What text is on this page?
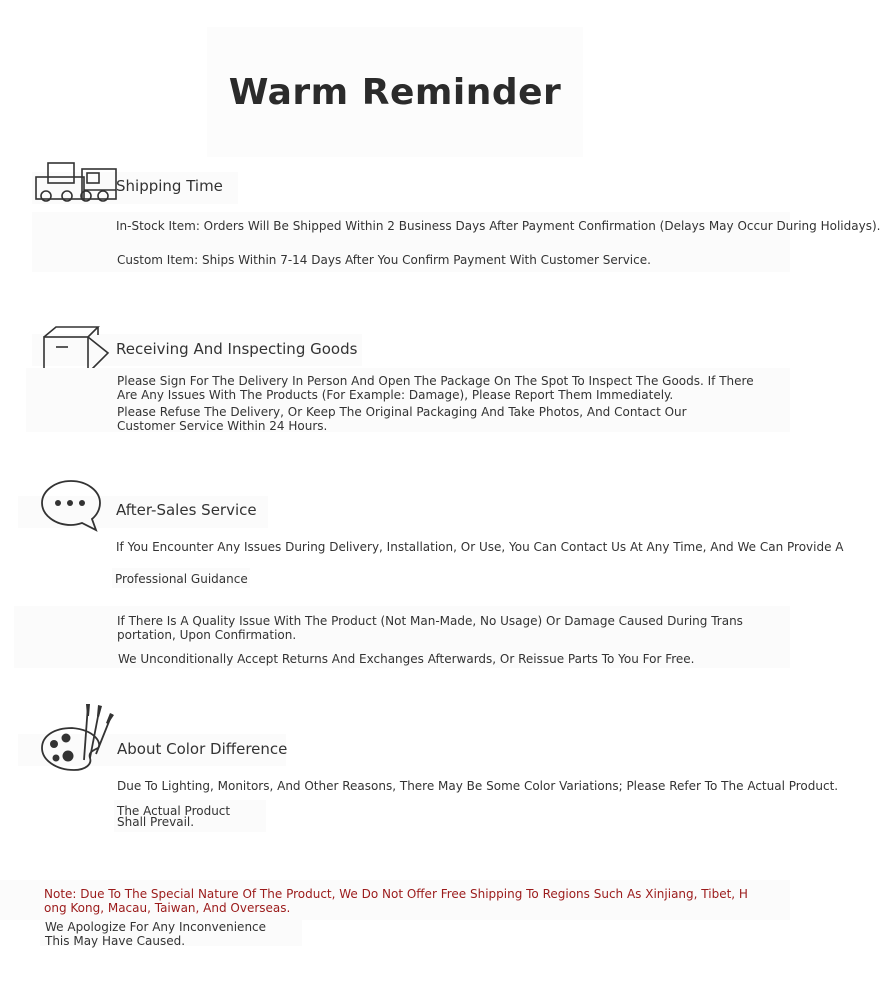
Warm Reminder
Shipping Time
In-Stock Item: Orders Will Be Shipped Within 2 Business Days After Payment Confirmation (Delays May Occur During Holidays).
Custom Item: Ships Within 7-14 Days After You Confirm Payment With Customer Service.
Receiving And Inspecting Goods
Please Sign For The Delivery In Person And Open The Package On The Spot To Inspect The Goods. If There Are Any Issues With The Products (For Example: Damage), Please Report Them Immediately.
Please Refuse The Delivery, Or Keep The Original Packaging And Take Photos, And Contact Our Customer Service Within 24 Hours.
After-Sales Service
If You Encounter Any Issues During Delivery, Installation, Or Use, You Can Contact Us At Any Time, And We Can Provide A
Professional Guidance
If There Is A Quality Issue With The Product (Not Man-Made, No Usage) Or Damage Caused During Transportation, Upon Confirmation.
We Unconditionally Accept Returns And Exchanges Afterwards, Or Reissue Parts To You For Free.
About Color Difference
Due To Lighting, Monitors, And Other Reasons, There May Be Some Color Variations; Please Refer To The Actual Product.
The Actual Product Shall Prevail.
Note: Due To The Special Nature Of The Product, We Do Not Offer Free Shipping To Regions Such As Xinjiang, Tibet, Hong Kong, Macau, Taiwan, And Overseas.
We Apologize For Any Inconvenience This May Have Caused.
